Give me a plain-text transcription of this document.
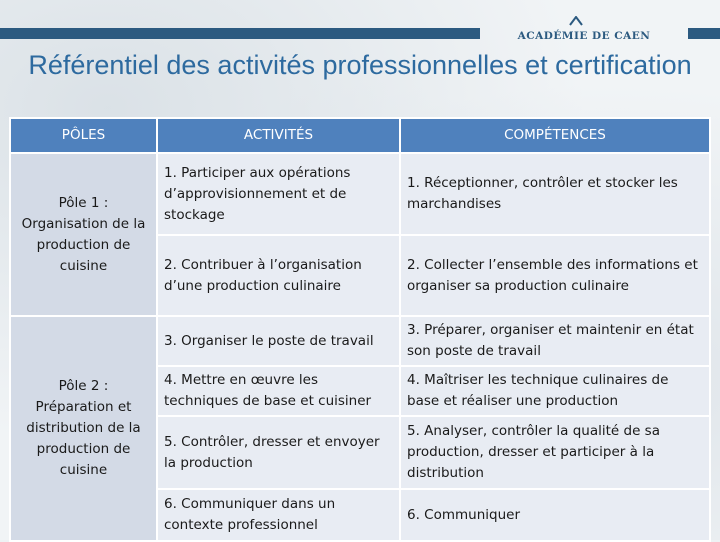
ACADÉMIE DE CAEN
Référentiel des activités professionnelles et certification
PÔLES	ACTIVITÉS	COMPÉTENCES

Pôle 1 :
Organisation de la production de cuisine	1. Participer aux opérations d’approvisionnement et de stockage	1. Réceptionner, contrôler et stocker les marchandises
	2. Contribuer à l’organisation d’une production culinaire	2. Collecter l’ensemble des informations et organiser sa production culinaire

Pôle 2 :
Préparation et distribution de la production de cuisine	3. Organiser le poste de travail	3. Préparer, organiser et maintenir en état son poste de travail
	4. Mettre en œuvre les techniques de base et cuisiner	4. Maîtriser les technique culinaires de base et réaliser une production
	5. Contrôler, dresser et envoyer la production	5. Analyser, contrôler la qualité de sa production, dresser et participer à la distribution
	6. Communiquer dans un contexte professionnel	6. Communiquer
